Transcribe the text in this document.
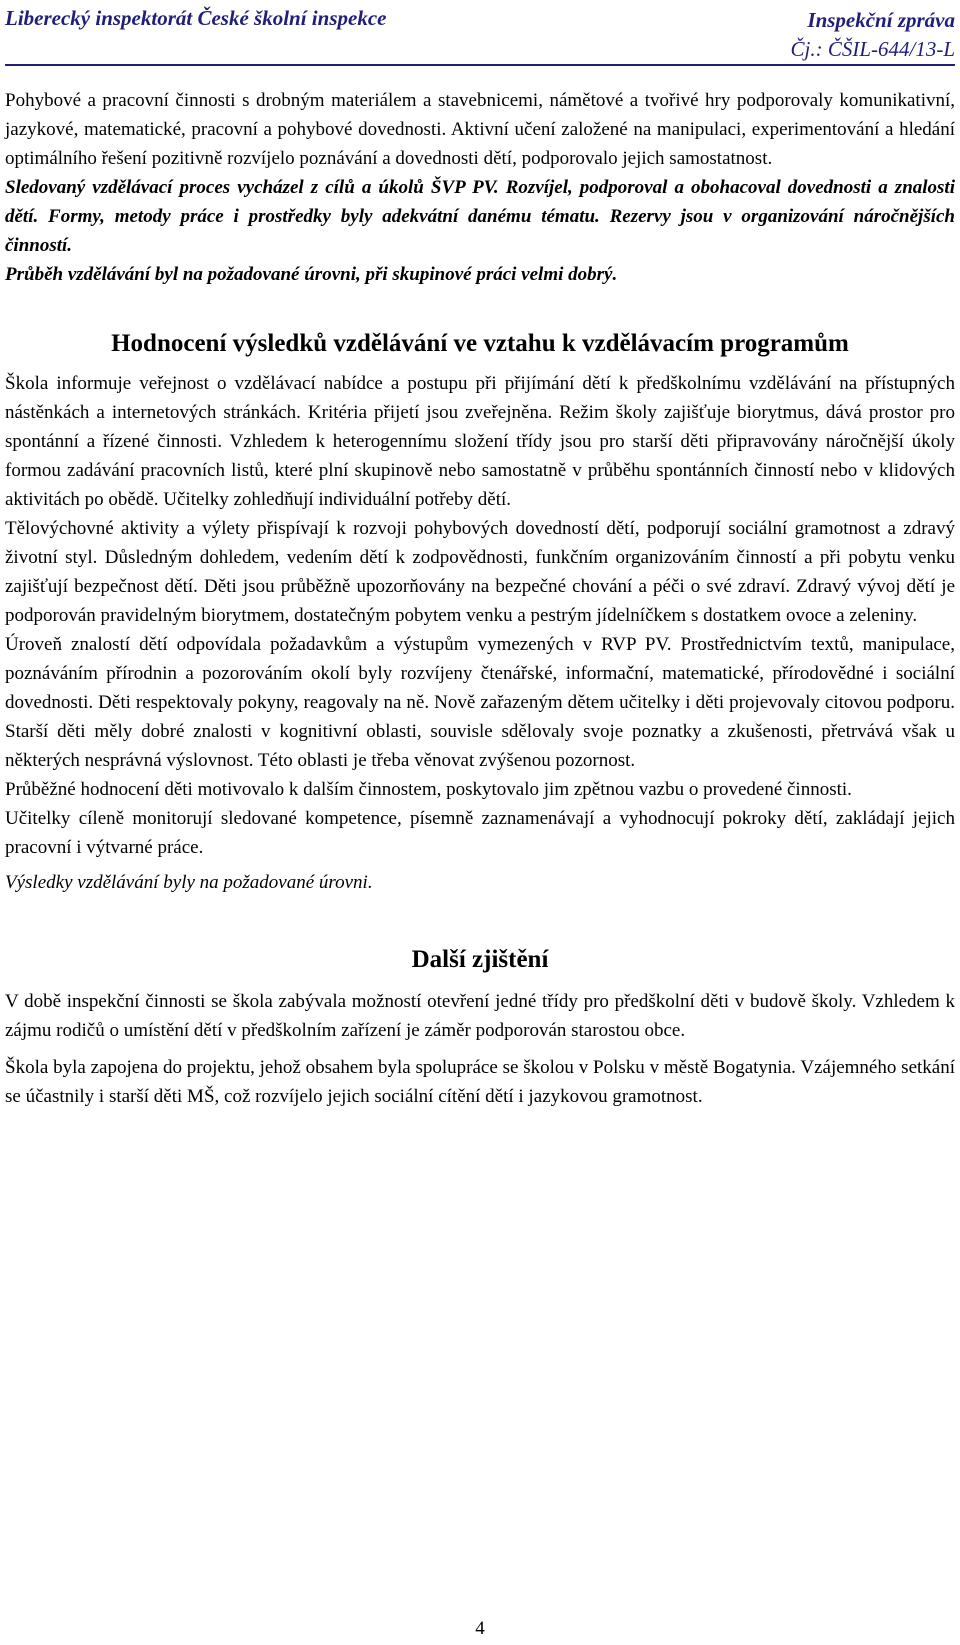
Liberecký inspektorát České školní inspekce	Inspekční zpráva
Čj.: ČŠIL-644/13-L

Pohybové a pracovní činnosti s drobným materiálem a stavebnicemi, námětové a tvořivé hry podporovaly komunikativní, jazykové, matematické, pracovní a pohybové dovednosti. Aktivní učení založené na manipulaci, experimentování a hledání optimálního řešení pozitivně rozvíjelo poznávání a dovednosti dětí, podporovalo jejich samostatnost.

Sledovaný vzdělávací proces vycházel z cílů a úkolů ŠVP PV. Rozvíjel, podporoval a obohacoval dovednosti a znalosti dětí. Formy, metody práce i prostředky byly adekvátní danému tématu. Rezervy jsou v organizování náročnějších činností.

Průběh vzdělávání byl na požadované úrovni, při skupinové práci velmi dobrý.

Hodnocení výsledků vzdělávání ve vztahu k vzdělávacím programům

Škola informuje veřejnost o vzdělávací nabídce a postupu při přijímání dětí k předškolnímu vzdělávání na přístupných nástěnkách a internetových stránkách. Kritéria přijetí jsou zveřejněna. Režim školy zajišťuje biorytmus, dává prostor pro spontánní a řízené činnosti. Vzhledem k heterogennímu složení třídy jsou pro starší děti připravovány náročnější úkoly formou zadávání pracovních listů, které plní skupinově nebo samostatně v průběhu spontánních činností nebo v klidových aktivitách po obědě. Učitelky zohledňují individuální potřeby dětí.

Tělovýchovné aktivity a výlety přispívají k rozvoji pohybových dovedností dětí, podporují sociální gramotnost a zdravý životní styl. Důsledným dohledem, vedením dětí k zodpovědnosti, funkčním organizováním činností a při pobytu venku zajišťují bezpečnost dětí. Děti jsou průběžně upozorňovány na bezpečné chování a péči o své zdraví. Zdravý vývoj dětí je podporován pravidelným biorytmem, dostatečným pobytem venku a pestrým jídelníčkem s dostatkem ovoce a zeleniny.

Úroveň znalostí dětí odpovídala požadavkům a výstupům vymezených v RVP PV. Prostřednictvím textů, manipulace, poznáváním přírodnin a pozorováním okolí byly rozvíjeny čtenářské, informační, matematické, přírodovědné i sociální dovednosti. Děti respektovaly pokyny, reagovaly na ně. Nově zařazeným dětem učitelky i děti projevovaly citovou podporu. Starší děti měly dobré znalosti v kognitivní oblasti, souvisle sdělovaly svoje poznatky a zkušenosti, přetrvává však u některých nesprávná výslovnost. Této oblasti je třeba věnovat zvýšenou pozornost.

Průběžné hodnocení děti motivovalo k dalším činnostem, poskytovalo jim zpětnou vazbu o provedené činnosti.

Učitelky cíleně monitorují sledované kompetence, písemně zaznamenávají a vyhodnocují pokroky dětí, zakládají jejich pracovní i výtvarné práce.

Výsledky vzdělávání byly na požadované úrovni.

Další zjištění

V době inspekční činnosti se škola zabývala možností otevření jedné třídy pro předškolní děti v budově školy. Vzhledem k zájmu rodičů o umístění dětí v předškolním zařízení je záměr podporován starostou obce.

Škola byla zapojena do projektu, jehož obsahem byla spolupráce se školou v Polsku v městě Bogatynia. Vzájemného setkání se účastnily i starší děti MŠ, což rozvíjelo jejich sociální cítění dětí i jazykovou gramotnost.

4
